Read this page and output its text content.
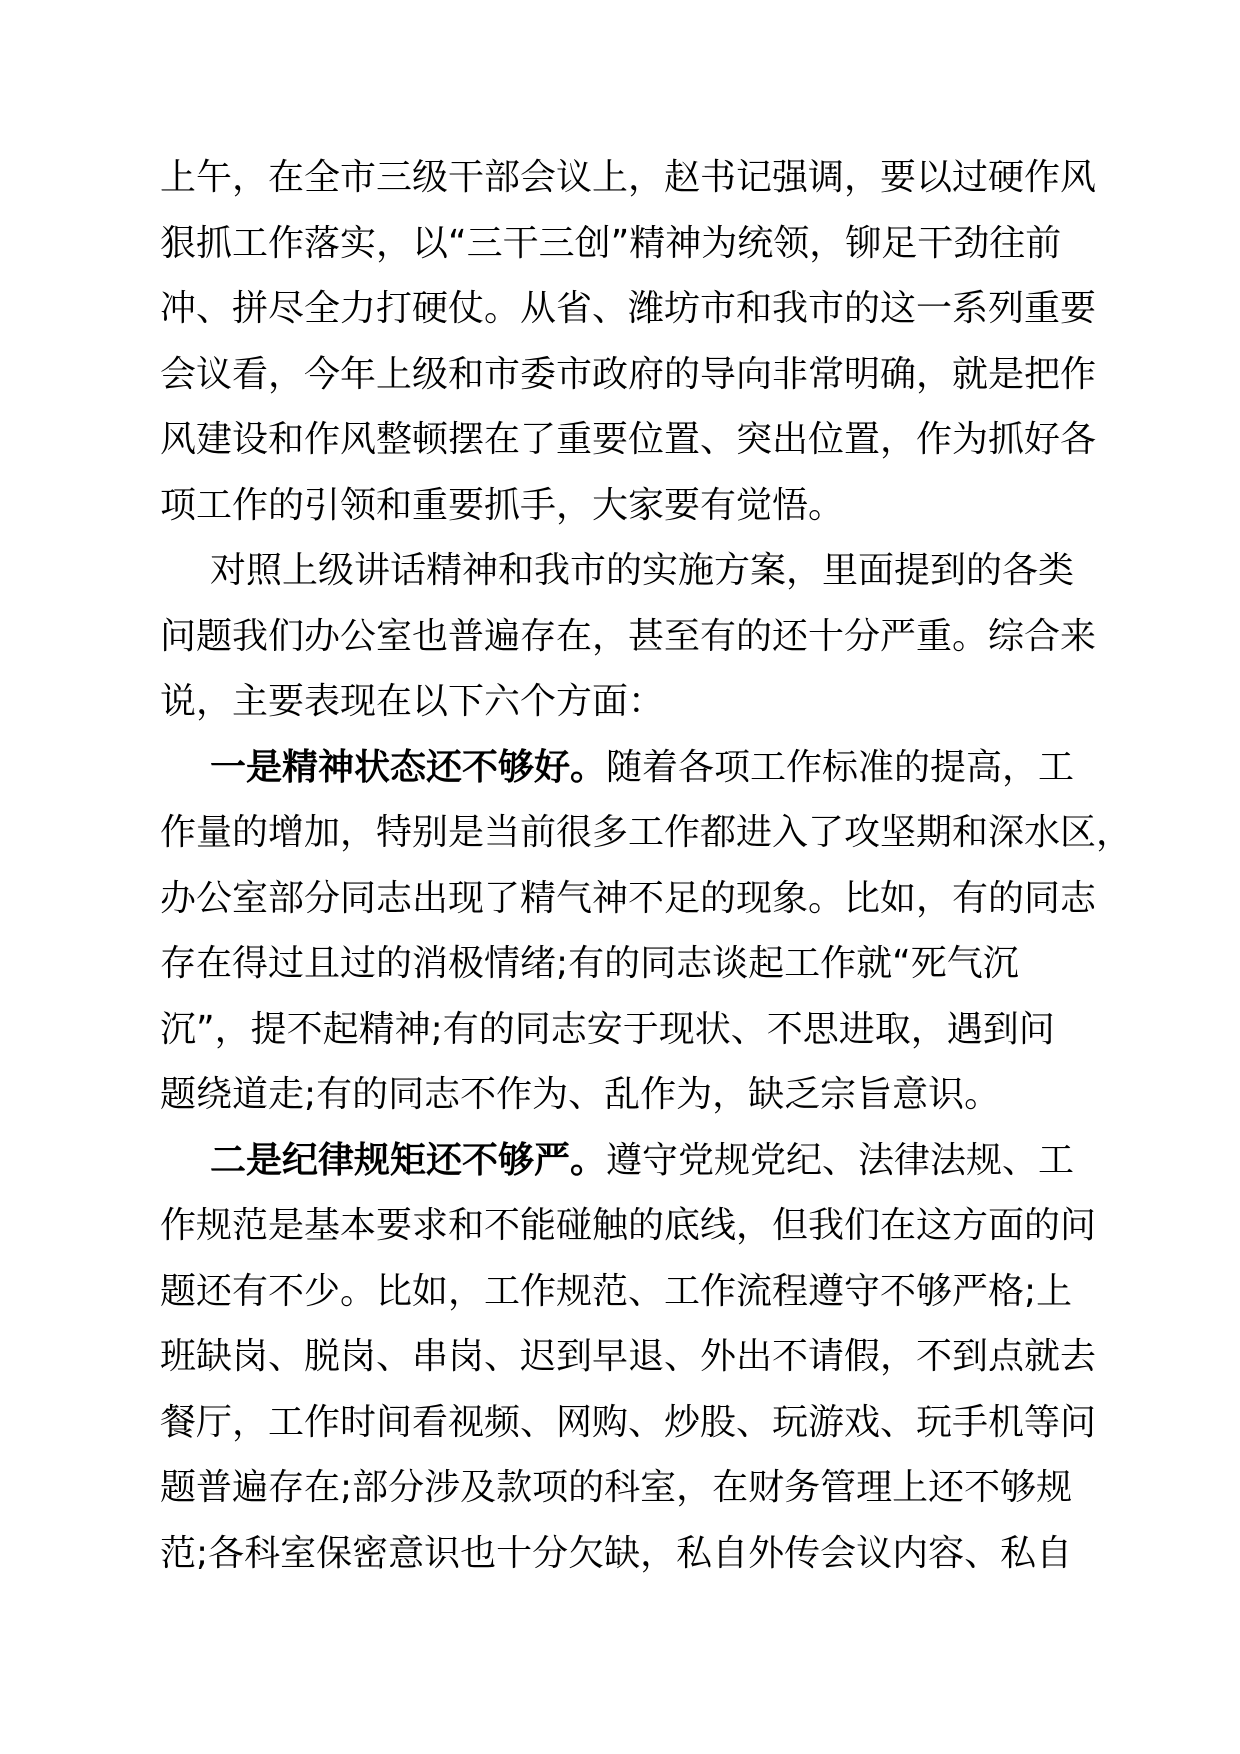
上午，在全市三级干部会议上，赵书记强调，要以过硬作风
狠抓工作落实，以“三干三创”精神为统领，铆足干劲往前
冲、拼尽全力打硬仗。从省、潍坊市和我市的这一系列重要
会议看，今年上级和市委市政府的导向非常明确，就是把作
风建设和作风整顿摆在了重要位置、突出位置，作为抓好各
项工作的引领和重要抓手，大家要有觉悟。
对照上级讲话精神和我市的实施方案，里面提到的各类
问题我们办公室也普遍存在，甚至有的还十分严重。综合来
说，主要表现在以下六个方面：
一是精神状态还不够好。随着各项工作标准的提高，工
作量的增加，特别是当前很多工作都进入了攻坚期和深水区，
办公室部分同志出现了精气神不足的现象。比如，有的同志
存在得过且过的消极情绪;有的同志谈起工作就“死气沉
沉”，提不起精神;有的同志安于现状、不思进取，遇到问
题绕道走;有的同志不作为、乱作为，缺乏宗旨意识。
二是纪律规矩还不够严。遵守党规党纪、法律法规、工
作规范是基本要求和不能碰触的底线，但我们在这方面的问
题还有不少。比如，工作规范、工作流程遵守不够严格;上
班缺岗、脱岗、串岗、迟到早退、外出不请假，不到点就去
餐厅，工作时间看视频、网购、炒股、玩游戏、玩手机等问
题普遍存在;部分涉及款项的科室，在财务管理上还不够规
范;各科室保密意识也十分欠缺，私自外传会议内容、私自
